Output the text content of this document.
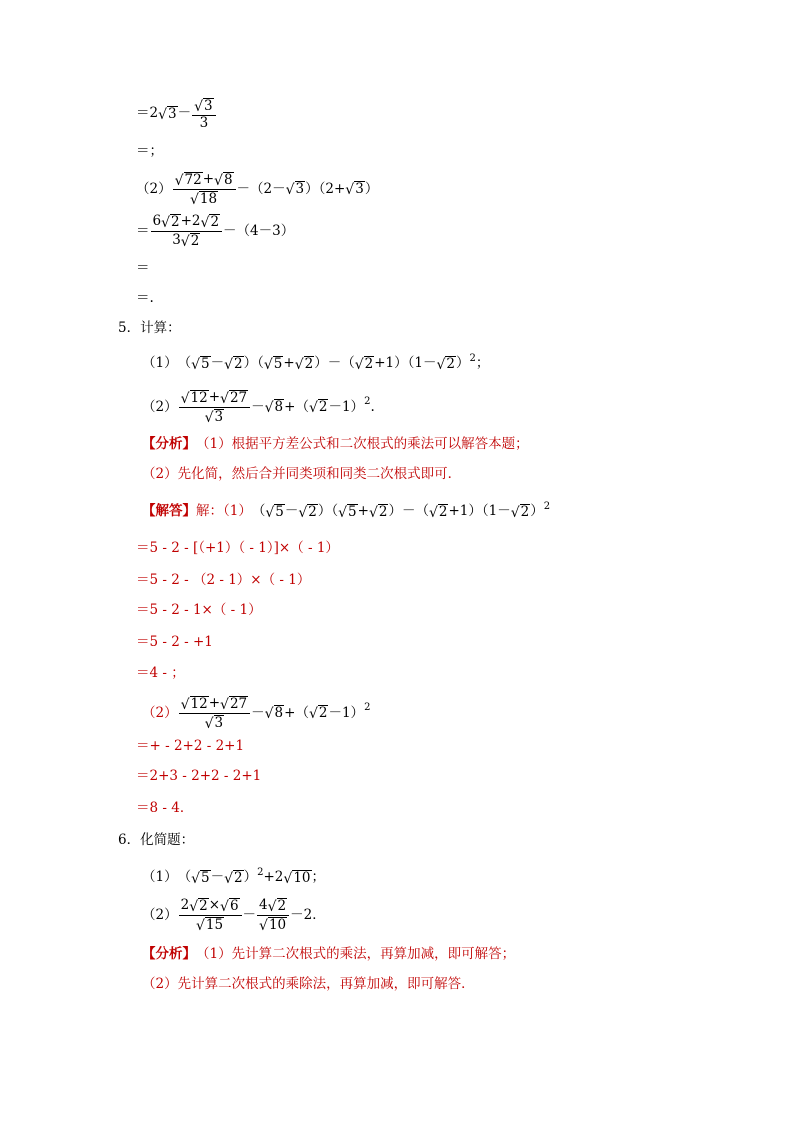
＝2 √ $3 - \frac{√ 3}{3}$
＝；
$(2) \frac{√ 72 + √ 8}{√ 18} -(2-$ √ 3 ）（2+ √ 3 ）
＝ $\frac{6 √ 2 +2 √ 2}{3 √ 2} -(4-3)$
＝
＝.
5．计算：
（1） （ √ 5 － √ 2 ）（ √ 5 + √ 2 ）－（ √ 2 +1）（1－ √ 2 ）$^2$ ；
$(2) \frac{√ 12 + √ 27}{√ 3}$ － √ 8 +（ √ 2 －1）$^2$ .
【分析】 （1）根据平方差公式和二次根式的乘法可以解答本题；
（2）先化简，然后合并同类项和同类二次根式即可．
【解答】 解：（1） （ √ 5 － √ 2 ）（ √ 5 + √ 2 ）－（ √ 2 +1）（1－ √ 2 ）$^2$
＝5 - 2 - [（+1）（ - 1）]×（ - 1）
＝5 - 2 - （2 - 1）×（ - 1）
＝5 - 2 - 1×（ - 1）
＝5 - 2 - +1
＝4 - ；
$(2) \frac{√ 12 + √ 27}{√ 3}$ － √ 8 +（ √ 2 －1）$^2$
＝+ - 2+2 - 2+1
＝2+3 - 2+2 - 2+1
＝8 - 4．
6．化简题：
（1） （ √ 5 － √ 2 ）$^2$ +2 √ 10 ；
$(2) \frac{2 √ 2 \times √ 6}{√ 15} - \frac{4 √ 2}{√ 10} -2$．
【分析】 （1）先计算二次根式的乘法，再算加减，即可解答；
（2）先计算二次根式的乘除法，再算加减，即可解答．
